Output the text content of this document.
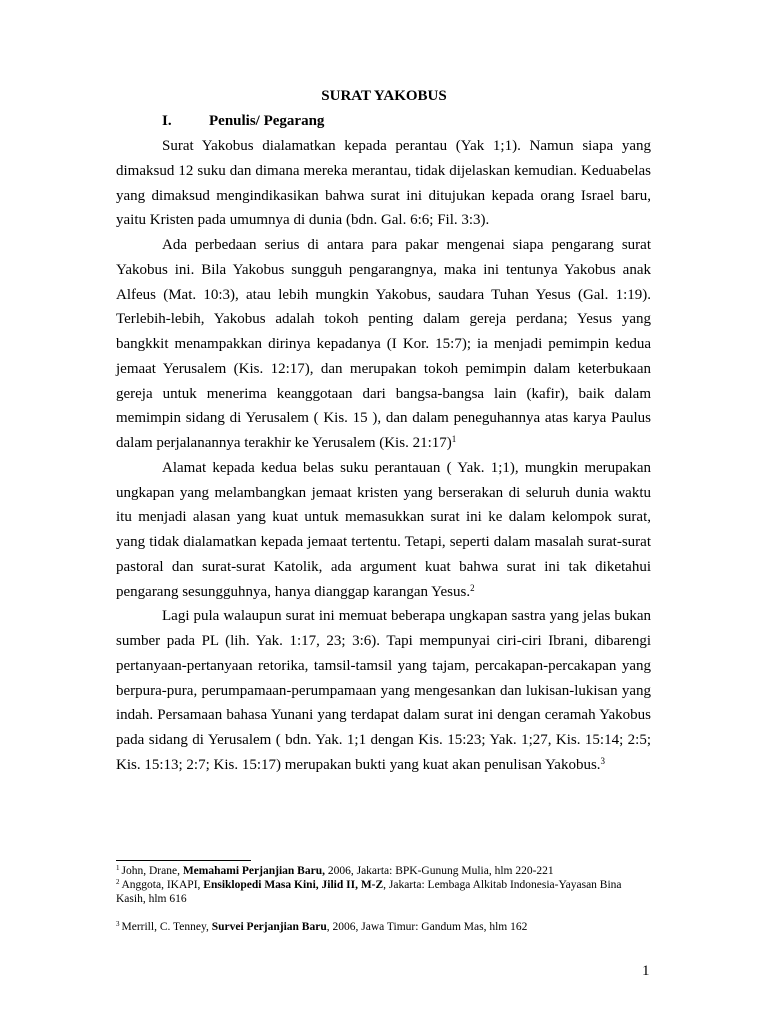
SURAT YAKOBUS
I. Penulis/ Pegarang

Surat Yakobus dialamatkan kepada perantau (Yak 1;1). Namun siapa yang dimaksud 12 suku dan dimana mereka merantau, tidak dijelaskan kemudian. Keduabelas yang dimaksud mengindikasikan bahwa surat ini ditujukan kepada orang Israel baru, yaitu Kristen pada umumnya di dunia (bdn. Gal. 6:6; Fil. 3:3).

Ada perbedaan serius di antara para pakar mengenai siapa pengarang surat Yakobus ini. Bila Yakobus sungguh pengarangnya, maka ini tentunya Yakobus anak Alfeus (Mat. 10:3), atau lebih mungkin Yakobus, saudara Tuhan Yesus (Gal. 1:19). Terlebih-lebih, Yakobus adalah tokoh penting dalam gereja perdana; Yesus yang bangkkit menampakkan dirinya kepadanya (I Kor. 15:7); ia menjadi pemimpin kedua jemaat Yerusalem (Kis. 12:17), dan merupakan tokoh pemimpin dalam keterbukaan gereja untuk menerima keanggotaan dari bangsa-bangsa lain (kafir), baik dalam memimpin sidang di Yerusalem ( Kis. 15 ), dan dalam peneguhannya atas karya Paulus dalam perjalanannya terakhir ke Yerusalem (Kis. 21:17)$^1$

Alamat kepada kedua belas suku perantauan ( Yak. 1;1), mungkin merupakan ungkapan yang melambangkan jemaat kristen yang berserakan di seluruh dunia waktu itu menjadi alasan yang kuat untuk memasukkan surat ini ke dalam kelompok surat, yang tidak dialamatkan kepada jemaat tertentu. Tetapi, seperti dalam masalah surat-surat pastoral dan surat-surat Katolik, ada argument kuat bahwa surat ini tak diketahui pengarang sesungguhnya, hanya dianggap karangan Yesus.$^2$

Lagi pula walaupun surat ini memuat beberapa ungkapan sastra yang jelas bukan sumber pada PL (lih. Yak. 1:17, 23; 3:6). Tapi mempunyai ciri-ciri Ibrani, dibarengi pertanyaan-pertanyaan retorika, tamsil-tamsil yang tajam, percakapan-percakapan yang berpura-pura, perumpamaan-perumpamaan yang mengesankan dan lukisan-lukisan yang indah. Persamaan bahasa Yunani yang terdapat dalam surat ini dengan ceramah Yakobus pada sidang di Yerusalem ( bdn. Yak. 1;1 dengan Kis. 15:23; Yak. 1;27, Kis. 15:14; 2:5; Kis. 15:13; 2:7; Kis. 15:17) merupakan bukti yang kuat akan penulisan Yakobus.$^3$

$^1$ John, Drane, Memahami Perjanjian Baru, 2006, Jakarta: BPK-Gunung Mulia, hlm 220-221

$^2$ Anggota, IKAPI, Ensiklopedi Masa Kini, Jilid II, M-Z, Jakarta: Lembaga Alkitab Indonesia-Yayasan Bina Kasih, hlm 616

$^3$ Merrill, C. Tenney, Survei Perjanjian Baru, 2006, Jawa Timur: Gandum Mas, hlm 162

1
